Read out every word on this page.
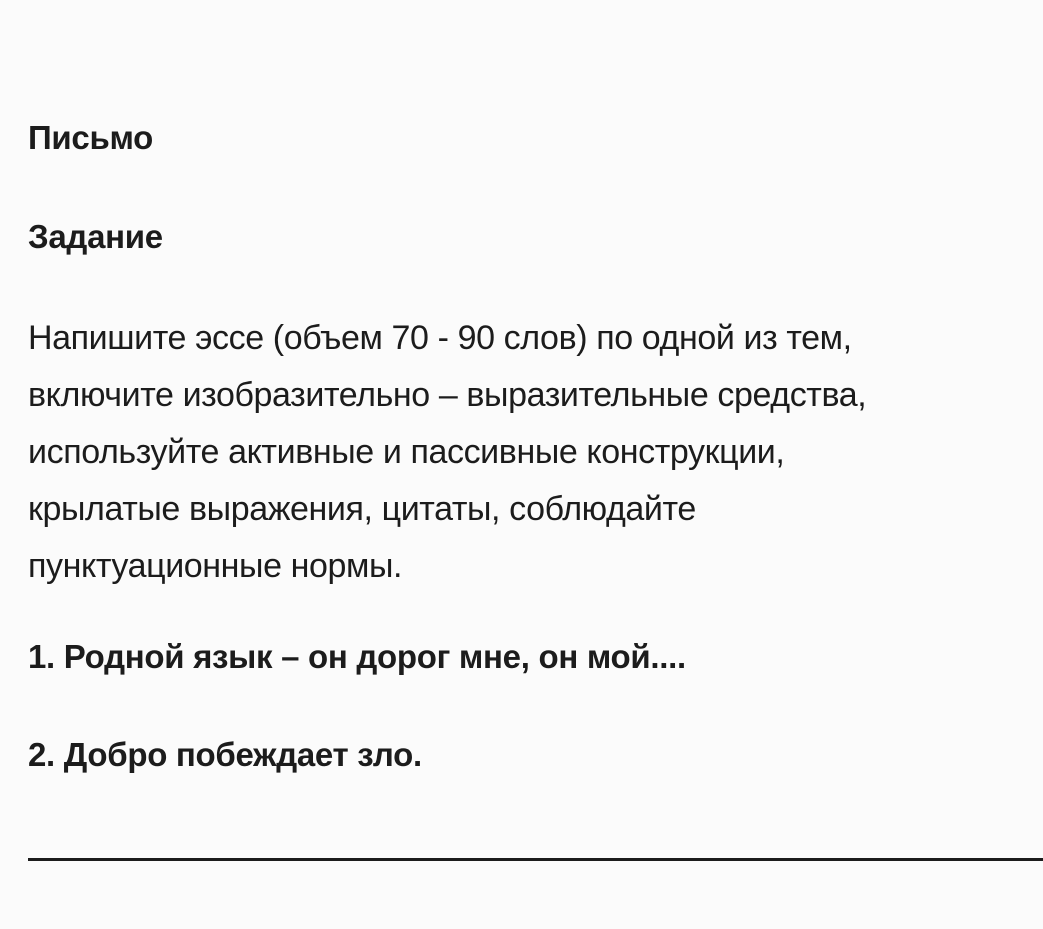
Письмо
Задание
Напишите эссе (объем 70 - 90 слов) по одной из тем,
включите изобразительно – выразительные средства,
используйте активные и пассивные конструкции,
крылатые выражения, цитаты, соблюдайте
пунктуационные нормы.
1. Родной язык – он дорог мне, он мой....
2. Добро побеждает зло.
